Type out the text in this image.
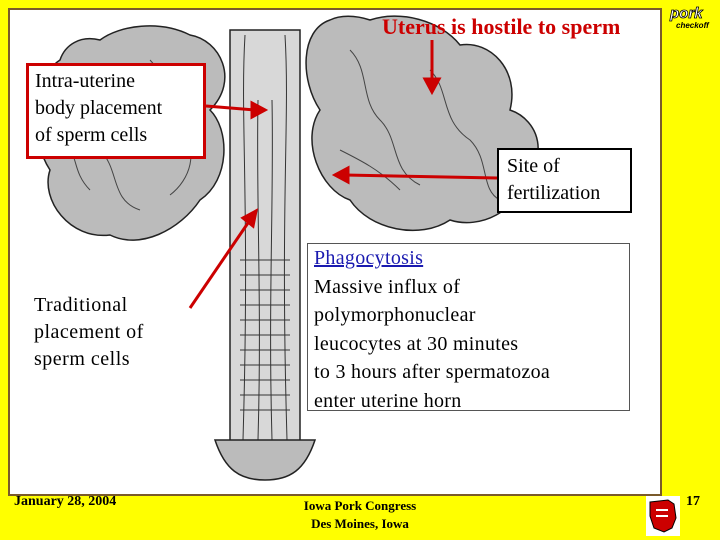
Uterus is hostile to sperm
Intra-uterine
body placement
of sperm cells
Site of
fertilization
Traditional
placement of
sperm cells
Phagocytosis
Massive influx of
polymorphonuclear
leucocytes at 30 minutes
to 3 hours after spermatozoa
enter uterine horn
pork
checkoff
January 28, 2004	Iowa Pork Congress
Des Moines, Iowa
17
